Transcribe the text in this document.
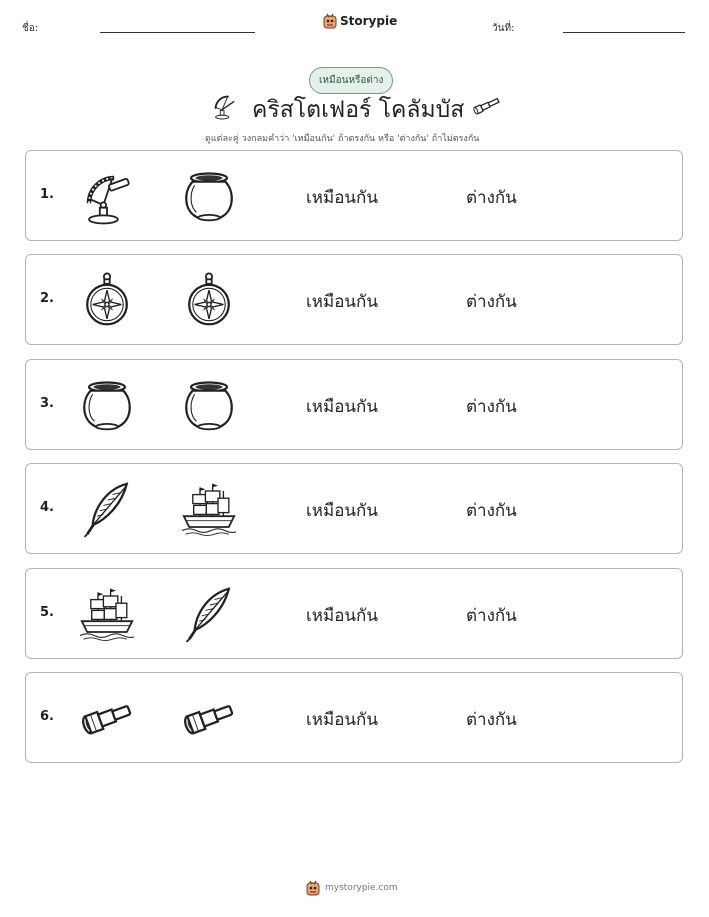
ชื่อ:
Storypie
วันที่:
เหมือนหรือต่าง
คริสโตเฟอร์ โคลัมบัส
ดูแต่ละคู่ วงกลมคำว่า 'เหมือนกัน' ถ้าตรงกัน หรือ 'ต่างกัน' ถ้าไม่ตรงกัน
1.	เหมือนกัน	ต่างกัน
2.	เหมือนกัน	ต่างกัน
3.	เหมือนกัน	ต่างกัน
4.	เหมือนกัน	ต่างกัน
5.	เหมือนกัน	ต่างกัน
6.	เหมือนกัน	ต่างกัน
mystorypie.com
